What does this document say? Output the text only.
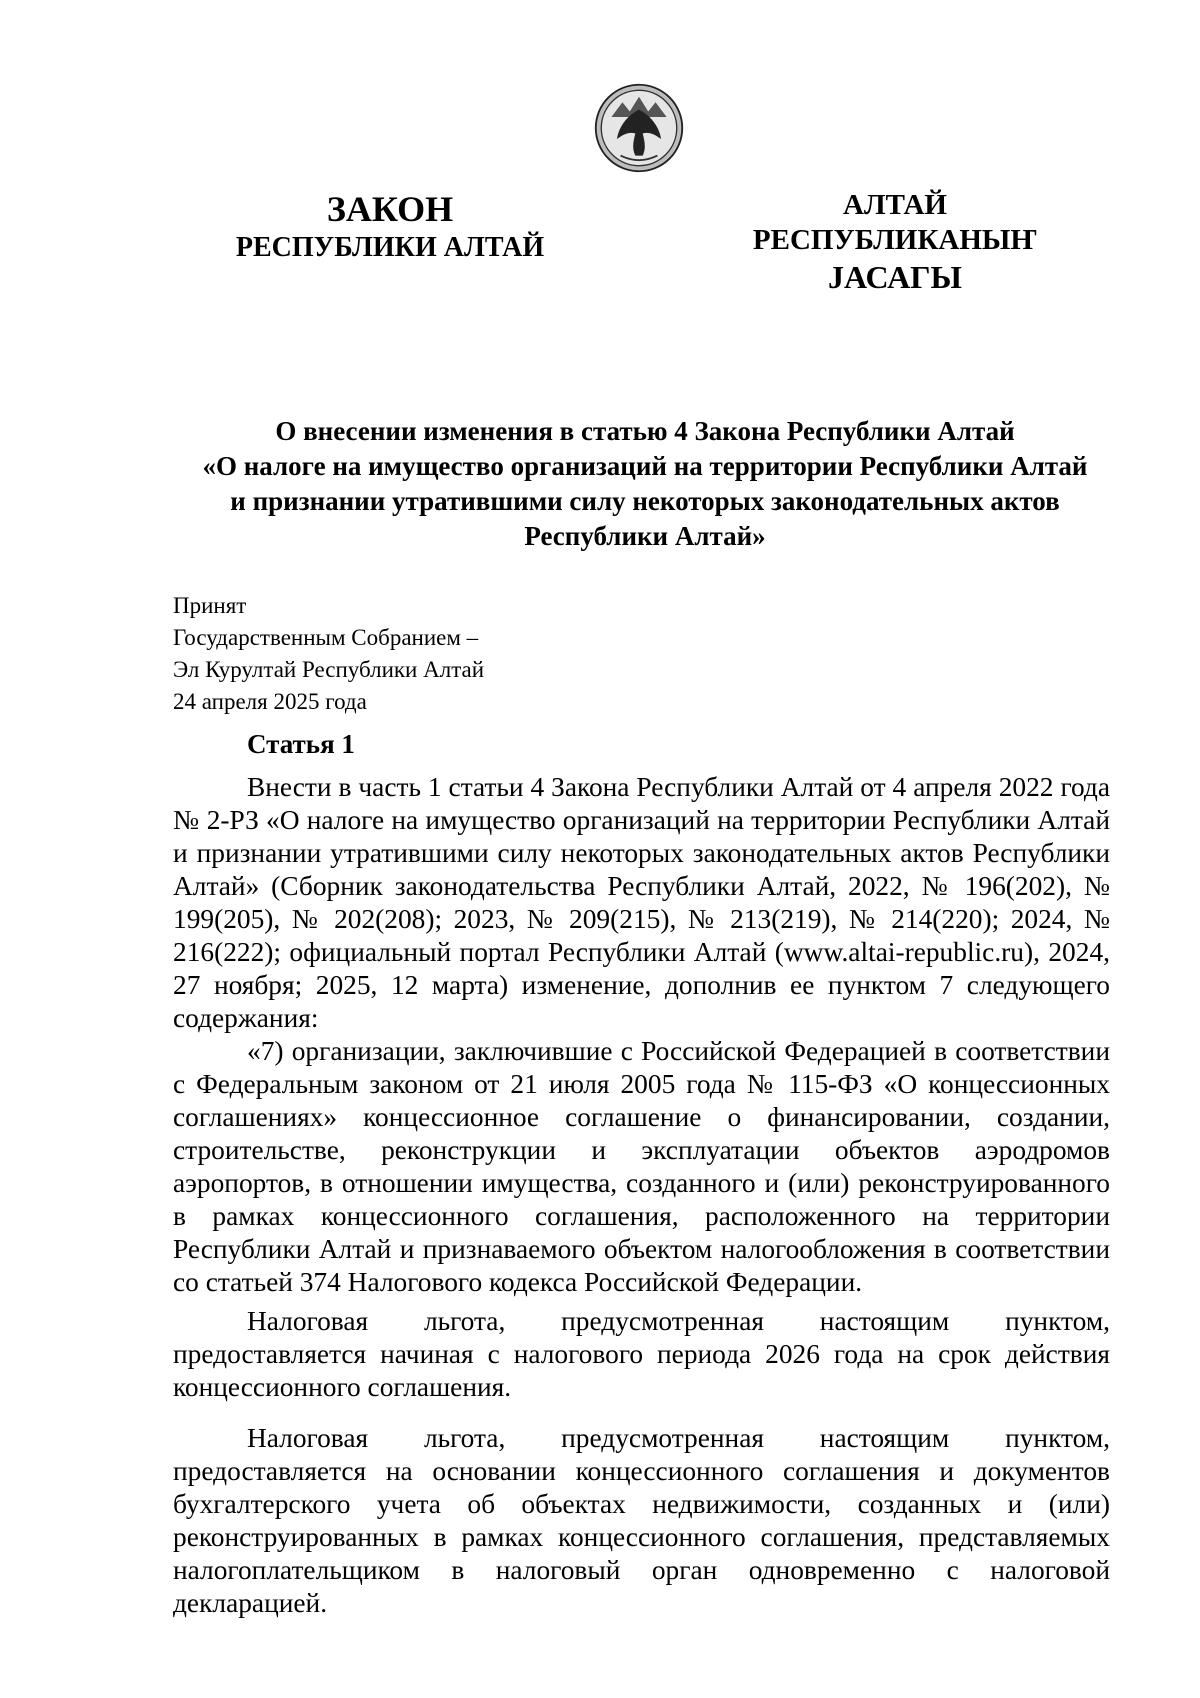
ЗАКОН
РЕСПУБЛИКИ АЛТАЙ
АЛТАЙ РЕСПУБЛИКАНЫҤ
ЈАСАГЫ
О внесении изменения в статью 4 Закона Республики Алтай
«О налоге на имущество организаций на территории Республики Алтай
и признании утратившими силу некоторых законодательных актов
Республики Алтай»
Принят
Государственным Собранием –
Эл Курултай Республики Алтай
24 апреля 2025 года
Статья 1

Внести в часть 1 статьи 4 Закона Республики Алтай от 4 апреля 2022 года № 2-РЗ «О налоге на имущество организаций на территории Республики Алтай и признании утратившими силу некоторых законодательных актов Республики Алтай» (Сборник законодательства Республики Алтай, 2022, № 196(202), № 199(205), № 202(208); 2023, № 209(215), № 213(219), № 214(220); 2024, № 216(222); официальный портал Республики Алтай (www.altai-republic.ru), 2024, 27 ноября; 2025, 12 марта) изменение, дополнив ее пунктом 7 следующего содержания:

«7) организации, заключившие с Российской Федерацией в соответствии с Федеральным законом от 21 июля 2005 года № 115-ФЗ «О концессионных соглашениях» концессионное соглашение о финансировании, создании, строительстве, реконструкции и эксплуатации объектов аэродромов аэропортов, в отношении имущества, созданного и (или) реконструированного в рамках концессионного соглашения, расположенного на территории Республики Алтай и признаваемого объектом налогообложения в соответствии со статьей 374 Налогового кодекса Российской Федерации.

Налоговая льгота, предусмотренная настоящим пунктом, предоставляется начиная с налогового периода 2026 года на срок действия концессионного соглашения.

Налоговая льгота, предусмотренная настоящим пунктом, предоставляется на основании концессионного соглашения и документов бухгалтерского учета об объектах недвижимости, созданных и (или) реконструированных в рамках концессионного соглашения, представляемых налогоплательщиком в налоговый орган одновременно с налоговой декларацией.
